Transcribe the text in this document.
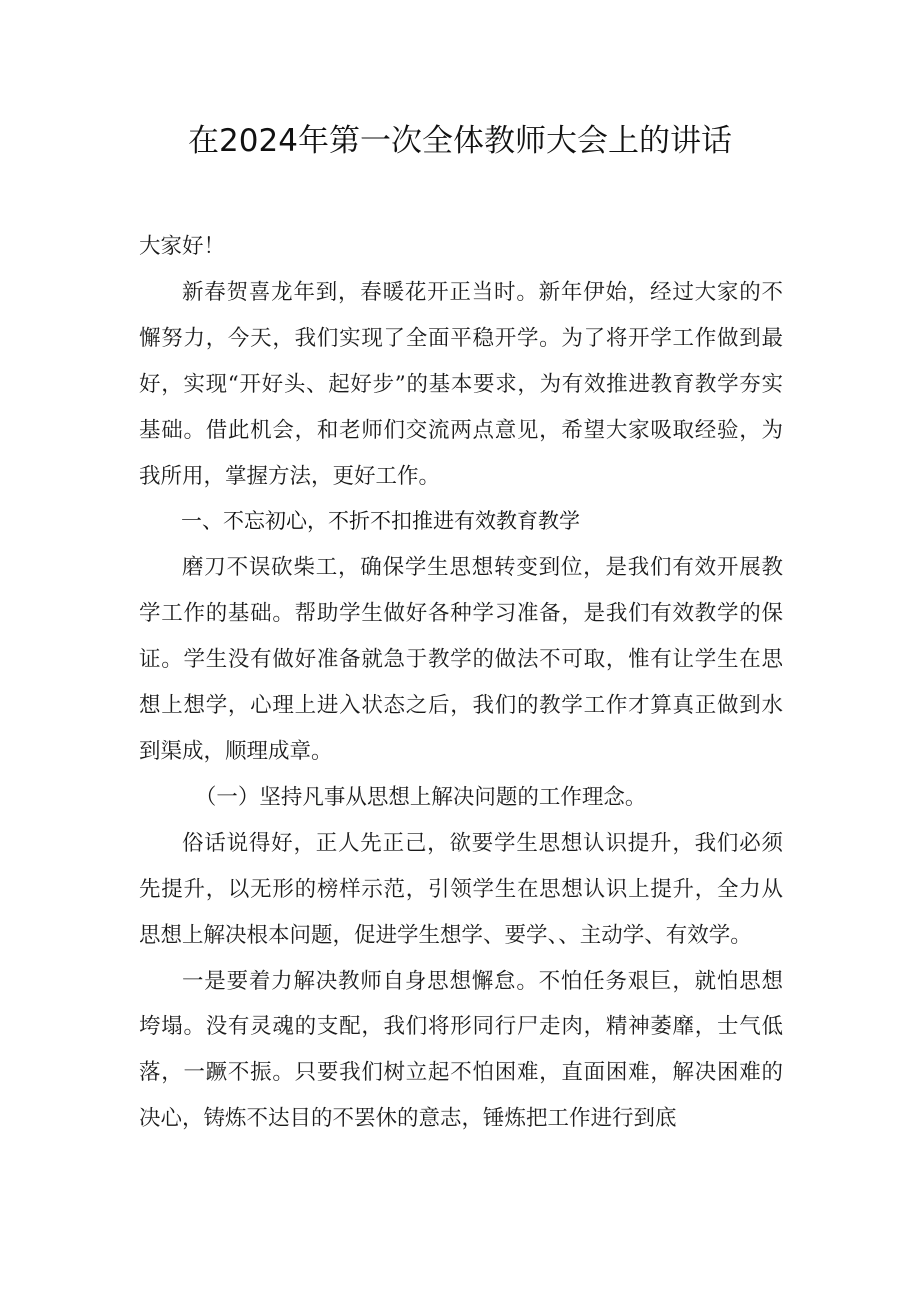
在2024年第一次全体教师大会上的讲话

大家好！

新春贺喜龙年到，春暖花开正当时。新年伊始，经过大家的不懈努力，今天，我们实现了全面平稳开学。为了将开学工作做到最好，实现“开好头、起好步”的基本要求，为有效推进教育教学夯实基础。借此机会，和老师们交流两点意见，希望大家吸取经验，为我所用，掌握方法，更好工作。

一、不忘初心，不折不扣推进有效教育教学

磨刀不误砍柴工，确保学生思想转变到位，是我们有效开展教学工作的基础。帮助学生做好各种学习准备，是我们有效教学的保证。学生没有做好准备就急于教学的做法不可取，惟有让学生在思想上想学，心理上进入状态之后，我们的教学工作才算真正做到水到渠成，顺理成章。

（一）坚持凡事从思想上解决问题的工作理念。

俗话说得好，正人先正己，欲要学生思想认识提升，我们必须先提升，以无形的榜样示范，引领学生在思想认识上提升，全力从思想上解决根本问题，促进学生想学、要学、、主动学、有效学。

一是要着力解决教师自身思想懈怠。不怕任务艰巨，就怕思想垮塌。没有灵魂的支配，我们将形同行尸走肉，精神萎靡，士气低落，一蹶不振。只要我们树立起不怕困难，直面困难，解决困难的决心，铸炼不达目的不罢休的意志，锤炼把工作进行到底
